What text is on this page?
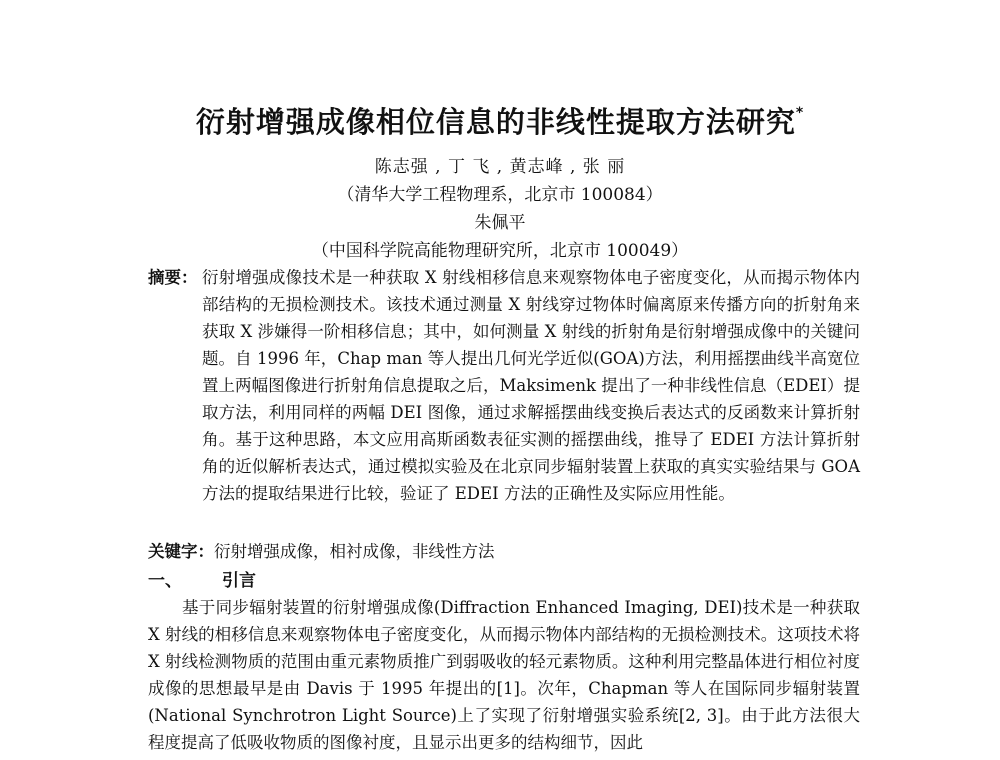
衍射增强成像相位信息的非线性提取方法研究*
陈志强 , 丁 飞 , 黄志峰 , 张 丽
（清华大学工程物理系，北京市 100084）
朱佩平
（中国科学院高能物理研究所，北京市 100049）
摘要： 衍射增强成像技术是一种获取 X 射线相移信息来观察物体电子密度变化，从而揭示物体内部结构的无损检测技术。该技术通过测量 X 射线穿过物体时偏离原来传播方向的折射角来获取 X 涉嫌得一阶相移信息；其中，如何测量 X 射线的折射角是衍射增强成像中的关键问题。自 1996 年，Chap man 等人提出几何光学近似(GOA)方法，利用摇摆曲线半高宽位置上两幅图像进行折射角信息提取之后，Maksimenk 提出了一种非线性信息（EDEI）提取方法，利用同样的两幅 DEI 图像，通过求解摇摆曲线变换后表达式的反函数来计算折射角。基于这种思路，本文应用高斯函数表征实测的摇摆曲线，推导了 EDEI 方法计算折射角的近似解析表达式，通过模拟实验及在北京同步辐射装置上获取的真实实验结果与 GOA 方法的提取结果进行比较，验证了 EDEI 方法的正确性及实际应用性能。
关键字：衍射增强成像，相衬成像，非线性方法
一、 引言
基于同步辐射装置的衍射增强成像(Diffraction Enhanced Imaging, DEI)技术是一种获取 X 射线的相移信息来观察物体电子密度变化，从而揭示物体内部结构的无损检测技术。这项技术将 X 射线检测物质的范围由重元素物质推广到弱吸收的轻元素物质。这种利用完整晶体进行相位衬度成像的思想最早是由 Davis 于 1995 年提出的[1]。次年，Chapman 等人在国际同步辐射装置(National Synchrotron Light Source)上了实现了衍射增强实验系统[2, 3]。由于此方法很大程度提高了低吸收物质的图像衬度，且显示出更多的结构细节，因此
